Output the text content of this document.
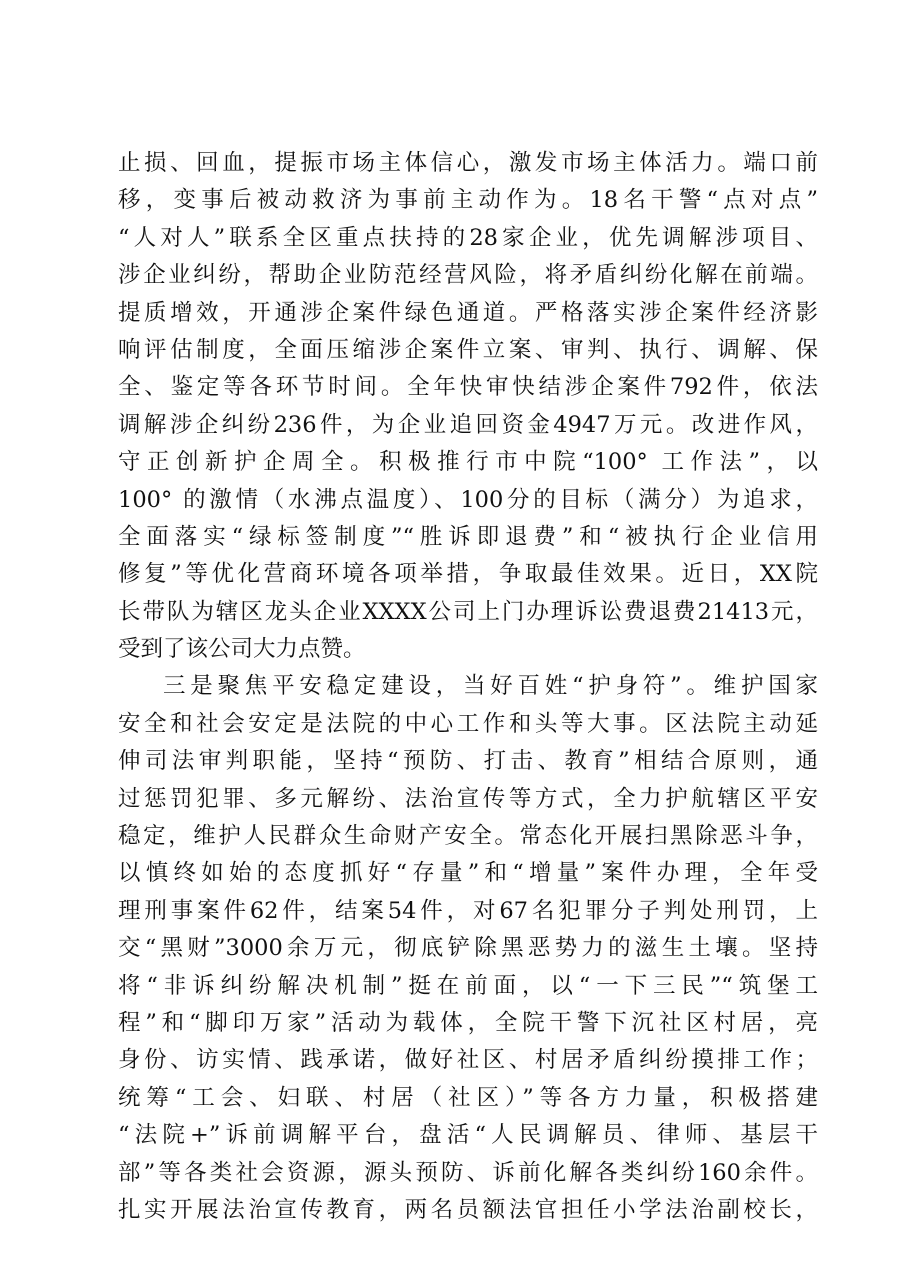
止损、回血，提振市场主体信心，激发市场主体活力。端口前
移，变事后被动救济为事前主动作为。18名干警“点对点”
“人对人”联系全区重点扶持的28家企业，优先调解涉项目、
涉企业纠纷，帮助企业防范经营风险，将矛盾纠纷化解在前端。
提质增效，开通涉企案件绿色通道。严格落实涉企案件经济影
响评估制度，全面压缩涉企案件立案、审判、执行、调解、保
全、鉴定等各环节时间。全年快审快结涉企案件792件，依法
调解涉企纠纷236件，为企业追回资金4947万元。改进作风，
守正创新护企周全。积极推行市中院“100° 工作法”，以
100° 的激情（水沸点温度）、100分的目标（满分）为追求，
全面落实“绿标签制度”“胜诉即退费”和“被执行企业信用
修复”等优化营商环境各项举措，争取最佳效果。近日，XX院
长带队为辖区龙头企业XXXX公司上门办理诉讼费退费21413元，
受到了该公司大力点赞。
三是聚焦平安稳定建设，当好百姓“护身符”。维护国家
安全和社会安定是法院的中心工作和头等大事。区法院主动延
伸司法审判职能，坚持“预防、打击、教育”相结合原则，通
过惩罚犯罪、多元解纷、法治宣传等方式，全力护航辖区平安
稳定，维护人民群众生命财产安全。常态化开展扫黑除恶斗争，
以慎终如始的态度抓好“存量”和“增量”案件办理，全年受
理刑事案件62件，结案54件，对67名犯罪分子判处刑罚，上
交“黑财”3000余万元，彻底铲除黑恶势力的滋生土壤。坚持
将“非诉纠纷解决机制”挺在前面，以“一下三民”“筑堡工
程”和“脚印万家”活动为载体，全院干警下沉社区村居，亮
身份、访实情、践承诺，做好社区、村居矛盾纠纷摸排工作；
统筹“工会、妇联、村居（社区）”等各方力量，积极搭建
“法院+”诉前调解平台，盘活“人民调解员、律师、基层干
部”等各类社会资源，源头预防、诉前化解各类纠纷160余件。
扎实开展法治宣传教育，两名员额法官担任小学法治副校长，
